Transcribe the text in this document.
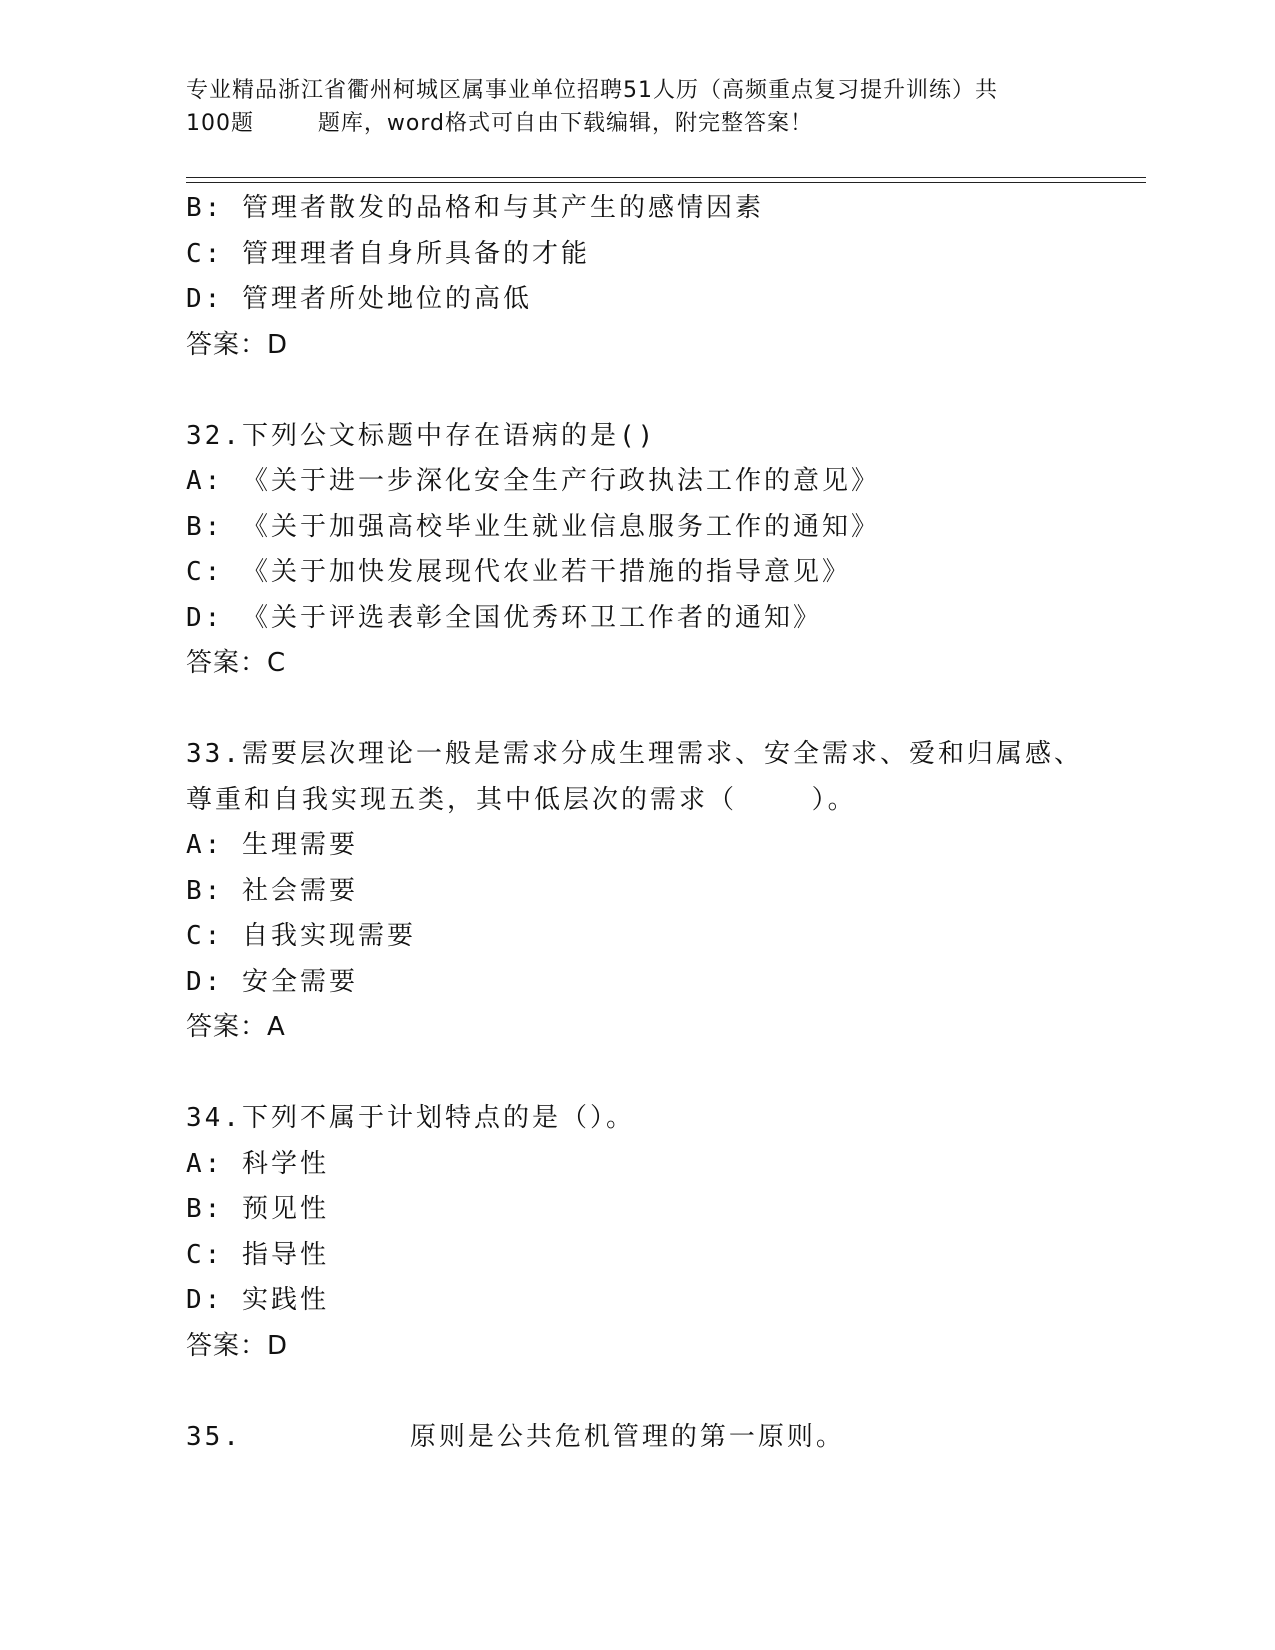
专业精品浙江省衢州柯城区属事业单位招聘51人历（高频重点复习提升训练）共
100题        题库，word格式可自由下载编辑，附完整答案！
B: 管理者散发的品格和与其产生的感情因素
C: 管理理者自身所具备的才能
D: 管理者所处地位的高低
答案：D
32.下列公文标题中存在语病的是()
A: 《关于进一步深化安全生产行政执法工作的意见》
B: 《关于加强高校毕业生就业信息服务工作的通知》
C: 《关于加快发展现代农业若干措施的指导意见》
D: 《关于评选表彰全国优秀环卫工作者的通知》
答案：C
33.需要层次理论一般是需求分成生理需求、安全需求、爱和归属感、
尊重和自我实现五类，其中低层次的需求（    ）。
A: 生理需要
B: 社会需要
C: 自我实现需要
D: 安全需要
答案：A
34.下列不属于计划特点的是（）。
A: 科学性
B: 预见性
C: 指导性
D: 实践性
答案：D
35.         原则是公共危机管理的第一原则。
